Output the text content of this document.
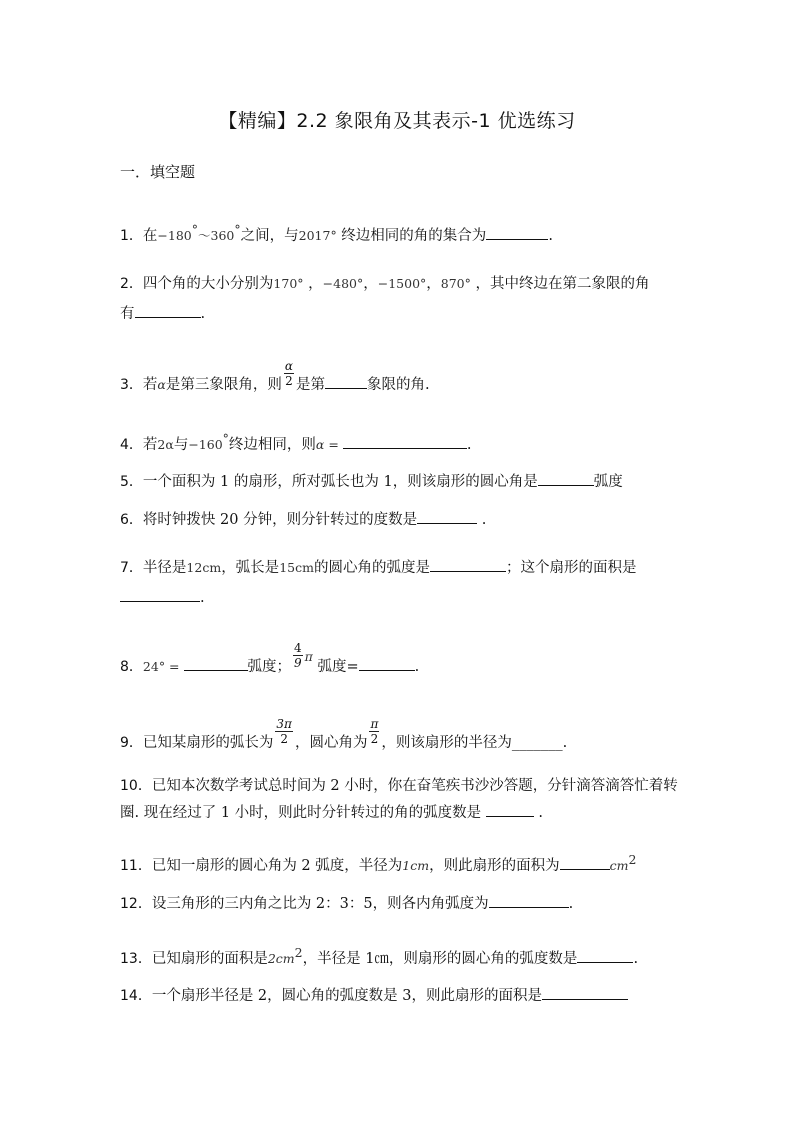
【精编】2.2 象限角及其表示-1 优选练习
一．填空题
1．在−180°～360°之间，与2017° 终边相同的角的集合为	.
2．四个角的大小分别为170° ，−480°，−1500°，870° ，其中终边在第二象限的角
有	.
3．若α是第三象限角，则 $\frac{\alpha}{2}$ 是第	象限的角.
4．若2α与−160°终边相同，则α =	.
5．一个面积为 1 的扇形，所对弧长也为 1，则该扇形的圆心角是	弧度
6．将时钟拨快 20 分钟，则分针转过的度数是	.
7．半径是12cm，弧长是15cm的圆心角的弧度是	；这个扇形的面积是
.
8．24° =	弧度； $\frac{4}{9}$ π 弧度=	.
9．已知某扇形的弧长为 $\frac{3\pi}{2}$ ，圆心角为 $\frac{\pi}{2}$ ，则该扇形的半径为_______.
10．已知本次数学考试总时间为 2 小时，你在奋笔疾书沙沙答题，分针滴答滴答忙着转
圈. 现在经过了 1 小时，则此时分针转过的角的弧度数是	.
11．已知一扇形的圆心角为 2 弧度，半径为1cm，则此扇形的面积为	$cm^2$
12．设三角形的三内角之比为 2：3：5，则各内角弧度为	.
13．已知扇形的面积是$2cm^2$，半径是 1㎝，则扇形的圆心角的弧度数是	.
14．一个扇形半径是 2，圆心角的弧度数是 3，则此扇形的面积是
